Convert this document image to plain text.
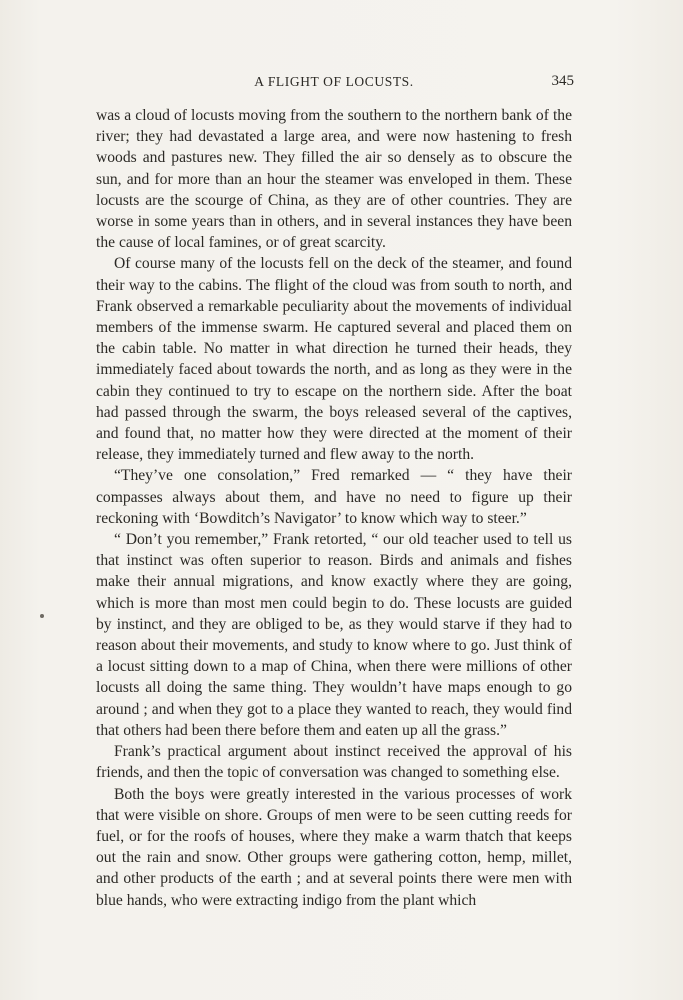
A FLIGHT OF LOCUSTS.	345

was a cloud of locusts moving from the southern to the northern bank of the river; they had devastated a large area, and were now hastening to fresh woods and pastures new. They filled the air so densely as to obscure the sun, and for more than an hour the steamer was enveloped in them. These locusts are the scourge of China, as they are of other countries. They are worse in some years than in others, and in several instances they have been the cause of local famines, or of great scarcity.

Of course many of the locusts fell on the deck of the steamer, and found their way to the cabins. The flight of the cloud was from south to north, and Frank observed a remarkable peculiarity about the movements of individual members of the immense swarm. He captured several and placed them on the cabin table. No matter in what direction he turned their heads, they immediately faced about towards the north, and as long as they were in the cabin they continued to try to escape on the northern side. After the boat had passed through the swarm, the boys released several of the captives, and found that, no matter how they were directed at the moment of their release, they immediately turned and flew away to the north.

“They’ve one consolation,” Fred remarked — “ they have their compasses always about them, and have no need to figure up their reckoning with ‘Bowditch’s Navigator’ to know which way to steer.”

“ Don’t you remember,” Frank retorted, “ our old teacher used to tell us that instinct was often superior to reason. Birds and animals and fishes make their annual migrations, and know exactly where they are going, which is more than most men could begin to do. These locusts are guided by instinct, and they are obliged to be, as they would starve if they had to reason about their movements, and study to know where to go. Just think of a locust sitting down to a map of China, when there were millions of other locusts all doing the same thing. They wouldn’t have maps enough to go around ; and when they got to a place they wanted to reach, they would find that others had been there before them and eaten up all the grass.”

Frank’s practical argument about instinct received the approval of his friends, and then the topic of conversation was changed to something else.

Both the boys were greatly interested in the various processes of work that were visible on shore. Groups of men were to be seen cutting reeds for fuel, or for the roofs of houses, where they make a warm thatch that keeps out the rain and snow. Other groups were gathering cotton, hemp, millet, and other products of the earth ; and at several points there were men with blue hands, who were extracting indigo from the plant which
